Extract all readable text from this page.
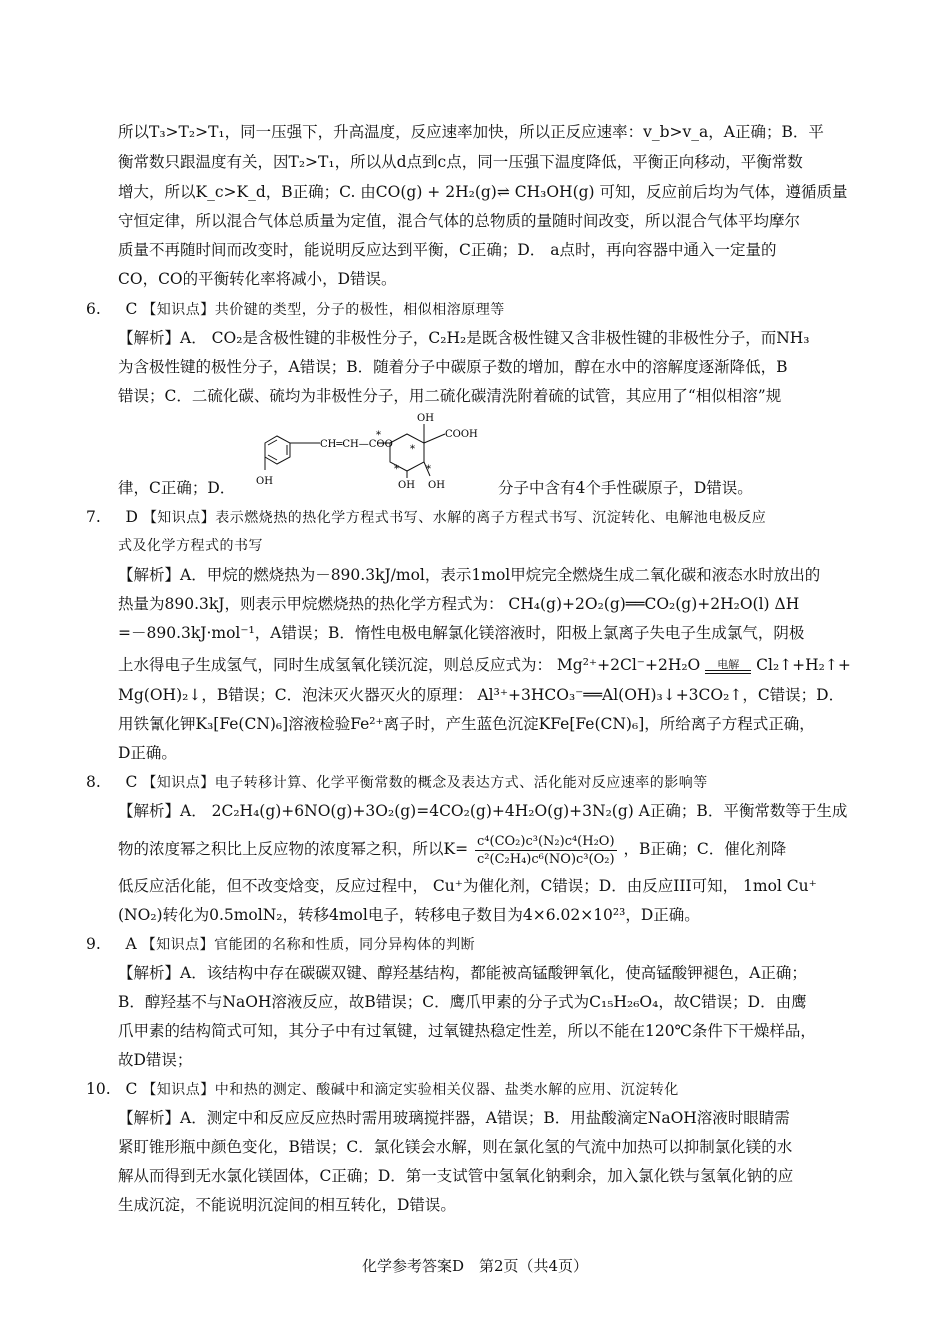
所以T₃>T₂>T₁，同一压强下，升高温度，反应速率加快，所以正反应速率：v_b>v_a，A正确；B．平
衡常数只跟温度有关，因T₂>T₁，所以从d点到c点，同一压强下温度降低，平衡正向移动，平衡常数
增大，所以K_c>K_d，B正确；C. 由CO(g) + 2H₂(g)⇌ CH₃OH(g) 可知，反应前后均为气体，遵循质量
守恒定律，所以混合气体总质量为定值，混合气体的总物质的量随时间改变，所以混合气体平均摩尔
质量不再随时间而改变时，能说明反应达到平衡，C正确；D． a点时，再向容器中通入一定量的
CO，CO的平衡转化率将减小，D错误。
6. C 【知识点】共价键的类型，分子的极性，相似相溶原理等
【解析】A． CO₂是含极性键的非极性分子，C₂H₂是既含极性键又含非极性键的非极性分子，而NH₃
为含极性键的极性分子，A错误；B．随着分子中碳原子数的增加，醇在水中的溶解度逐渐降低，B
错误；C．二硫化碳、硫均为非极性分子，用二硫化碳清洗附着硫的试管，其应用了“相似相溶”规
OH
CH═CH—COO
OH
COOH
OH OH
*
*	*
*
律，C正确；D．	分子中含有4个手性碳原子，D错误。
7. D 【知识点】表示燃烧热的热化学方程式书写、水解的离子方程式书写、沉淀转化、电解池电极反应
式及化学方程式的书写
【解析】A．甲烷的燃烧热为－890.3kJ/mol，表示1mol甲烷完全燃烧生成二氧化碳和液态水时放出的
热量为890.3kJ，则表示甲烷燃烧热的热化学方程式为： CH₄(g)+2O₂(g)══CO₂(g)+2H₂O(l) ΔH
=－890.3kJ·mol⁻¹，A错误；B．惰性电极电解氯化镁溶液时，阳极上氯离子失电子生成氯气，阴极
上水得电子生成氢气，同时生成氢氧化镁沉淀，则总反应式为： Mg²⁺+2Cl⁻+2H₂O	电解	Cl₂↑+H₂↑+
Mg(OH)₂↓，B错误；C．泡沫灭火器灭火的原理： Al³⁺+3HCO₃⁻══Al(OH)₃↓+3CO₂↑，C错误；D．
用铁氰化钾K₃[Fe(CN)₆]溶液检验Fe²⁺离子时，产生蓝色沉淀KFe[Fe(CN)₆]，所给离子方程式正确，
D正确。
8. C 【知识点】电子转移计算、化学平衡常数的概念及表达方式、活化能对反应速率的影响等
【解析】A． 2C₂H₄(g)+6NO(g)+3O₂(g)=4CO₂(g)+4H₂O(g)+3N₂(g) A正确；B．平衡常数等于生成
物的浓度幂之积比上反应物的浓度幂之积，所以$K= \frac{\text{c⁴(CO₂)c³(N₂)c⁴(H₂O)}}{\text{c²(C₂H₄)c⁶(NO)c³(O₂)}}$ ，B正确；C．催化剂降
低反应活化能，但不改变焓变，反应过程中， Cu⁺为催化剂，C错误；D．由反应III可知， 1mol Cu⁺
(NO₂)转化为0.5molN₂，转移4mol电子，转移电子数目为4×6.02×10²³，D正确。
9. A 【知识点】官能团的名称和性质，同分异构体的判断
【解析】A．该结构中存在碳碳双键、醇羟基结构，都能被高锰酸钾氧化，使高锰酸钾褪色，A正确；
B．醇羟基不与NaOH溶液反应，故B错误；C．鹰爪甲素的分子式为C₁₅H₂₆O₄，故C错误；D．由鹰
爪甲素的结构简式可知，其分子中有过氧键，过氧键热稳定性差，所以不能在120℃条件下干燥样品，
故D错误；
10. C 【知识点】中和热的测定、酸碱中和滴定实验相关仪器、盐类水解的应用、沉淀转化
【解析】A．测定中和反应反应热时需用玻璃搅拌器，A错误；B．用盐酸滴定NaOH溶液时眼睛需
紧盯锥形瓶中颜色变化，B错误；C．氯化镁会水解，则在氯化氢的气流中加热可以抑制氯化镁的水
解从而得到无水氯化镁固体，C正确；D．第一支试管中氢氧化钠剩余，加入氯化铁与氢氧化钠的应
生成沉淀，不能说明沉淀间的相互转化，D错误。
化学参考答案D　第2页（共4页）
